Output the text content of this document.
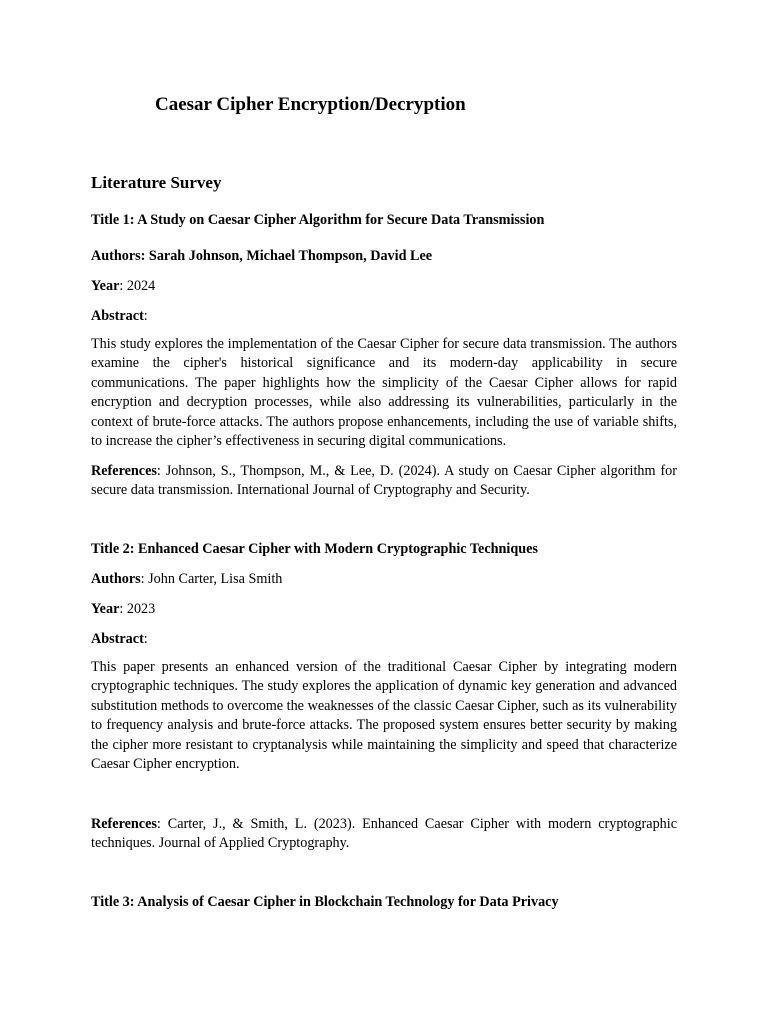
Caesar Cipher Encryption/Decryption
Literature Survey

Title 1: A Study on Caesar Cipher Algorithm for Secure Data Transmission

Authors: Sarah Johnson, Michael Thompson, David Lee

Year: 2024

Abstract:

This study explores the implementation of the Caesar Cipher for secure data transmission. The authors examine the cipher's historical significance and its modern-day applicability in secure communications. The paper highlights how the simplicity of the Caesar Cipher allows for rapid encryption and decryption processes, while also addressing its vulnerabilities, particularly in the context of brute-force attacks. The authors propose enhancements, including the use of variable shifts, to increase the cipher’s effectiveness in securing digital communications.

References: Johnson, S., Thompson, M., & Lee, D. (2024). A study on Caesar Cipher algorithm for secure data transmission. International Journal of Cryptography and Security.

Title 2: Enhanced Caesar Cipher with Modern Cryptographic Techniques

Authors: John Carter, Lisa Smith

Year: 2023

Abstract:

This paper presents an enhanced version of the traditional Caesar Cipher by integrating modern cryptographic techniques. The study explores the application of dynamic key generation and advanced substitution methods to overcome the weaknesses of the classic Caesar Cipher, such as its vulnerability to frequency analysis and brute-force attacks. The proposed system ensures better security by making the cipher more resistant to cryptanalysis while maintaining the simplicity and speed that characterize Caesar Cipher encryption.

References: Carter, J., & Smith, L. (2023). Enhanced Caesar Cipher with modern cryptographic techniques. Journal of Applied Cryptography.

Title 3: Analysis of Caesar Cipher in Blockchain Technology for Data Privacy
